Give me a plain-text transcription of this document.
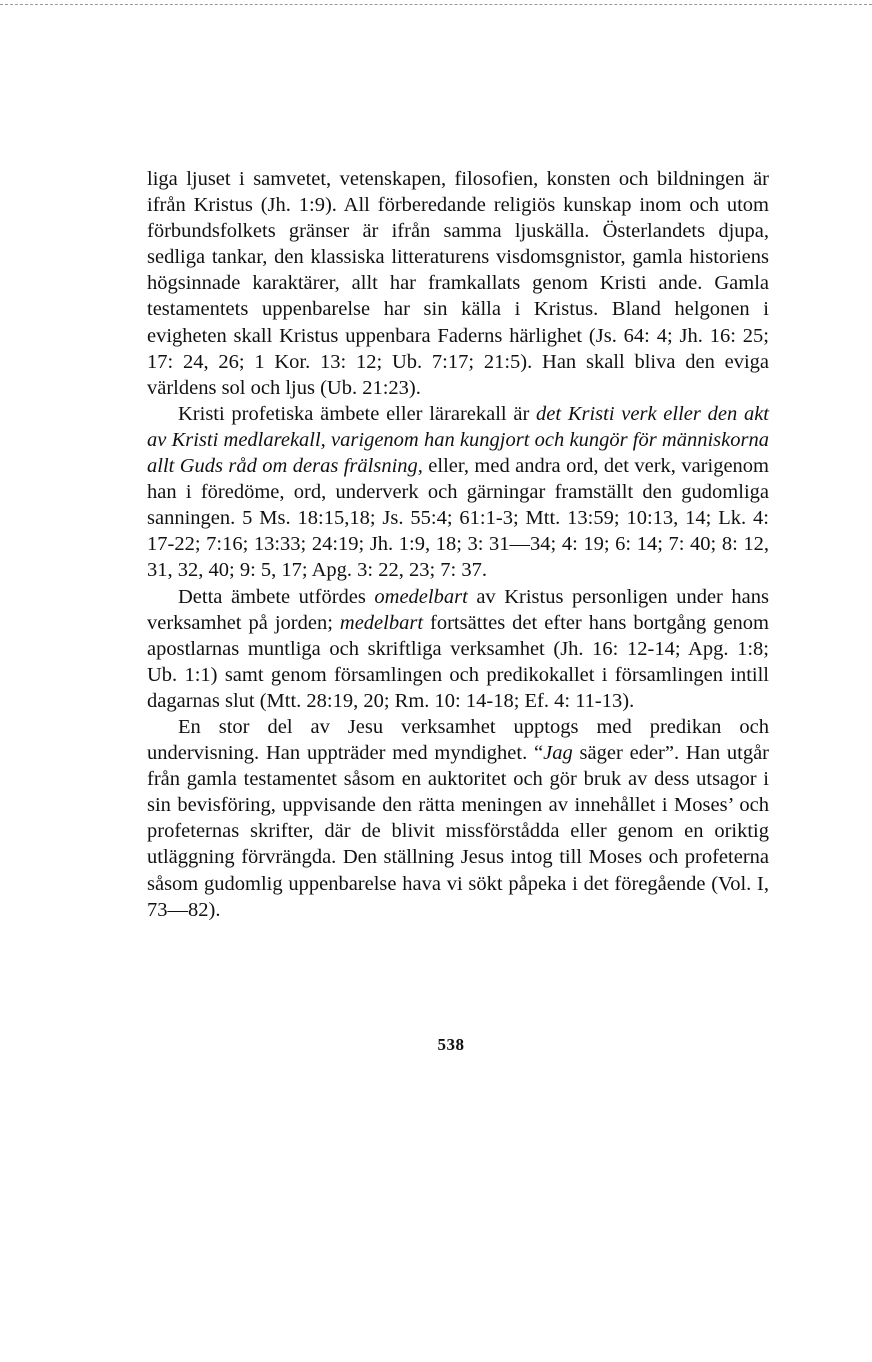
liga ljuset i samvetet, vetenskapen, filosofien, konsten och bildningen är ifrån Kristus (Jh. 1:9). All förberedande religiös kunskap inom och utom förbundsfolkets gränser är ifrån samma ljuskälla. Österlandets djupa, sedliga tankar, den klassiska litteraturens visdomsgnistor, gamla historiens högsinnade karaktärer, allt har framkallats genom Kristi ande. Gamla testamentets uppenbarelse har sin källa i Kristus. Bland helgonen i evigheten skall Kristus uppenbara Faderns härlighet (Js. 64: 4; Jh. 16: 25; 17: 24, 26; 1 Kor. 13: 12; Ub. 7:17; 21:5). Han skall bliva den eviga världens sol och ljus (Ub. 21:23).

Kristi profetiska ämbete eller lärarekall är det Kristi verk eller den akt av Kristi medlarekall, varigenom han kungjort och kungör för människorna allt Guds råd om deras frälsning, eller, med andra ord, det verk, varigenom han i föredöme, ord, underverk och gärningar framställt den gudomliga sanningen. 5 Ms. 18:15,18; Js. 55:4; 61:1-3; Mtt. 13:59; 10:13, 14; Lk. 4: 17-22; 7:16; 13:33; 24:19; Jh. 1:9, 18; 3: 31—34; 4: 19; 6: 14; 7: 40; 8: 12, 31, 32, 40; 9: 5, 17; Apg. 3: 22, 23; 7: 37.

Detta ämbete utfördes omedelbart av Kristus personligen under hans verksamhet på jorden; medelbart fortsättes det efter hans bortgång genom apostlarnas muntliga och skriftliga verksamhet (Jh. 16: 12-14; Apg. 1:8; Ub. 1:1) samt genom församlingen och predikokallet i församlingen intill dagarnas slut (Mtt. 28:19, 20; Rm. 10: 14-18; Ef. 4: 11-13).

En stor del av Jesu verksamhet upptogs med predikan och undervisning. Han uppträder med myndighet. “Jag säger eder”. Han utgår från gamla testamentet såsom en auktoritet och gör bruk av dess utsagor i sin bevisföring, uppvisande den rätta meningen av innehållet i Moses’ och profeternas skrifter, där de blivit missförstådda eller genom en oriktig utläggning förvrängda. Den ställning Jesus intog till Moses och profeterna såsom gudomlig uppenbarelse hava vi sökt påpeka i det föregående (Vol. I, 73—82).

538
